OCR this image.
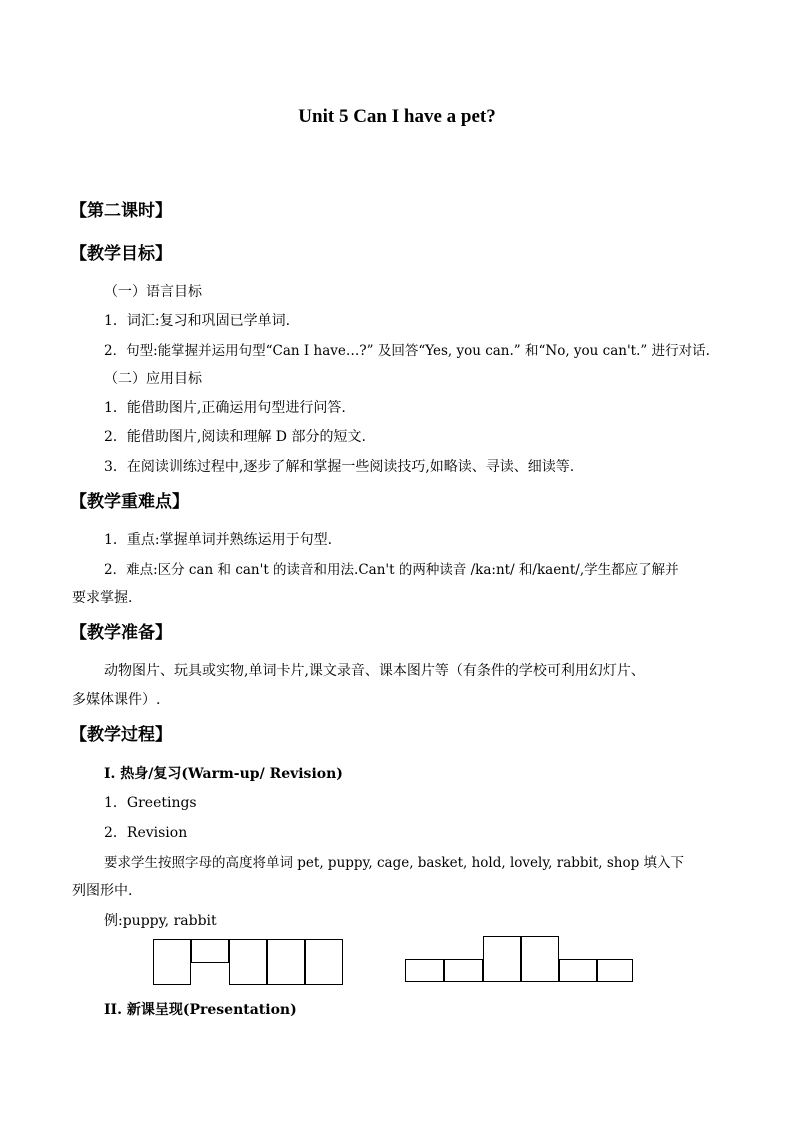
Unit 5 Can I have a pet?
【第二课时】
【教学目标】
（一）语言目标
1．词汇:复习和巩固已学单词.
2．句型:能掌握并运用句型“Can I have…?” 及回答“Yes, you can.” 和“No, you can't.” 进行对话.
（二）应用目标
1．能借助图片,正确运用句型进行问答.
2．能借助图片,阅读和理解 D 部分的短文.
3．在阅读训练过程中,逐步了解和掌握一些阅读技巧,如略读、寻读、细读等.
【教学重难点】
1．重点:掌握单词并熟练运用于句型.
2．难点:区分 can 和 can't 的读音和用法.Can't 的两种读音 /ka:nt/ 和/kaent/,学生都应了解并
要求掌握.
【教学准备】
动物图片、玩具或实物,单词卡片,课文录音、课本图片等（有条件的学校可利用幻灯片、
多媒体课件）.
【教学过程】
I. 热身/复习(Warm-up/ Revision)
1．Greetings
2．Revision
要求学生按照字母的高度将单词 pet, puppy, cage, basket, hold, lovely, rabbit, shop 填入下
列图形中.
例:puppy, rabbit
II. 新课呈现(Presentation)
